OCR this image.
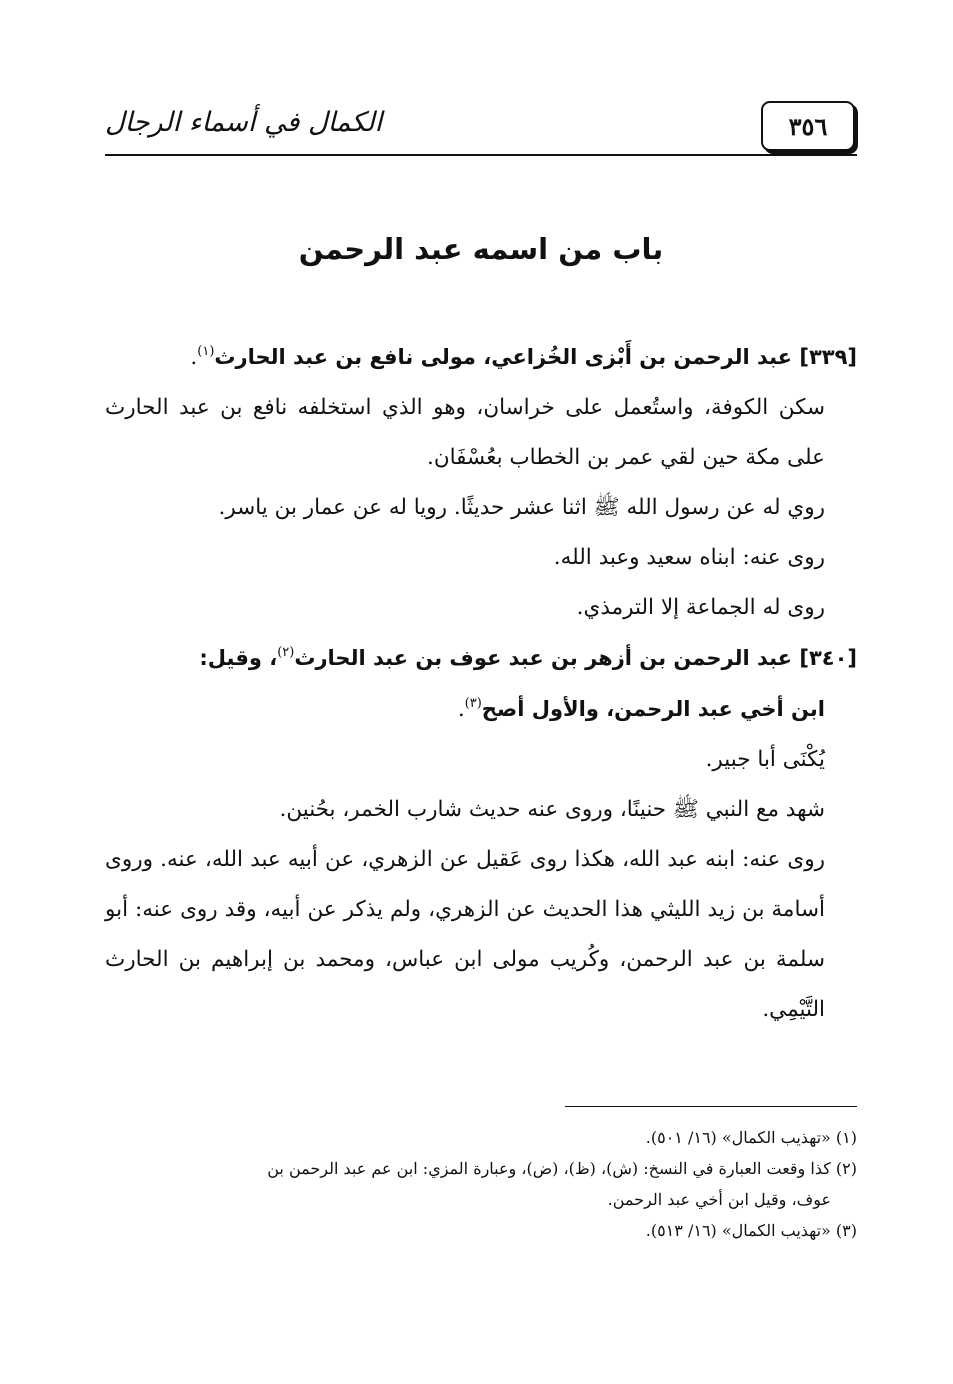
الكمال في أسماء الرجال	٣٥٦
باب من اسمه عبد الرحمن

[٣٣٩] عبد الرحمن بن أَبْزى الخُزاعي، مولى نافع بن عبد الحارث$^{(١)}$.

سكن الكوفة، واستُعمل على خراسان، وهو الذي استخلفه نافع بن عبد الحارث على مكة حين لقي عمر بن الخطاب بعُسْفَان.

روي له عن رسول الله ﷺ اثنا عشر حديثًا. رويا له عن عمار بن ياسر.

روى عنه: ابناه سعيد وعبد الله.

روى له الجماعة إلا الترمذي.

[٣٤٠] عبد الرحمن بن أزهر بن عبد عوف بن عبد الحارث$^{(٢)}$، وقيل:

ابن أخي عبد الرحمن، والأول أصح$^{(٣)}$.

يُكْنَى أبا جبير.

شهد مع النبي ﷺ حنينًا، وروى عنه حديث شارب الخمر، بحُنين.

روى عنه: ابنه عبد الله، هكذا روى عَقيل عن الزهري، عن أبيه عبد الله، عنه. وروى أسامة بن زيد الليثي هذا الحديث عن الزهري، ولم يذكر عن أبيه، وقد روى عنه: أبو سلمة بن عبد الرحمن، وكُريب مولى ابن عباس، ومحمد بن إبراهيم بن الحارث التَّيْمِي.

(١) «تهذيب الكمال» (١٦/ ٥٠١).

(٢) كذا وقعت العبارة في النسخ: (ش)، (ظ)، (ض)، وعبارة المزي: ابن عم عبد الرحمن بن

عوف، وقيل ابن أخي عبد الرحمن.

(٣) «تهذيب الكمال» (١٦/ ٥١٣).
